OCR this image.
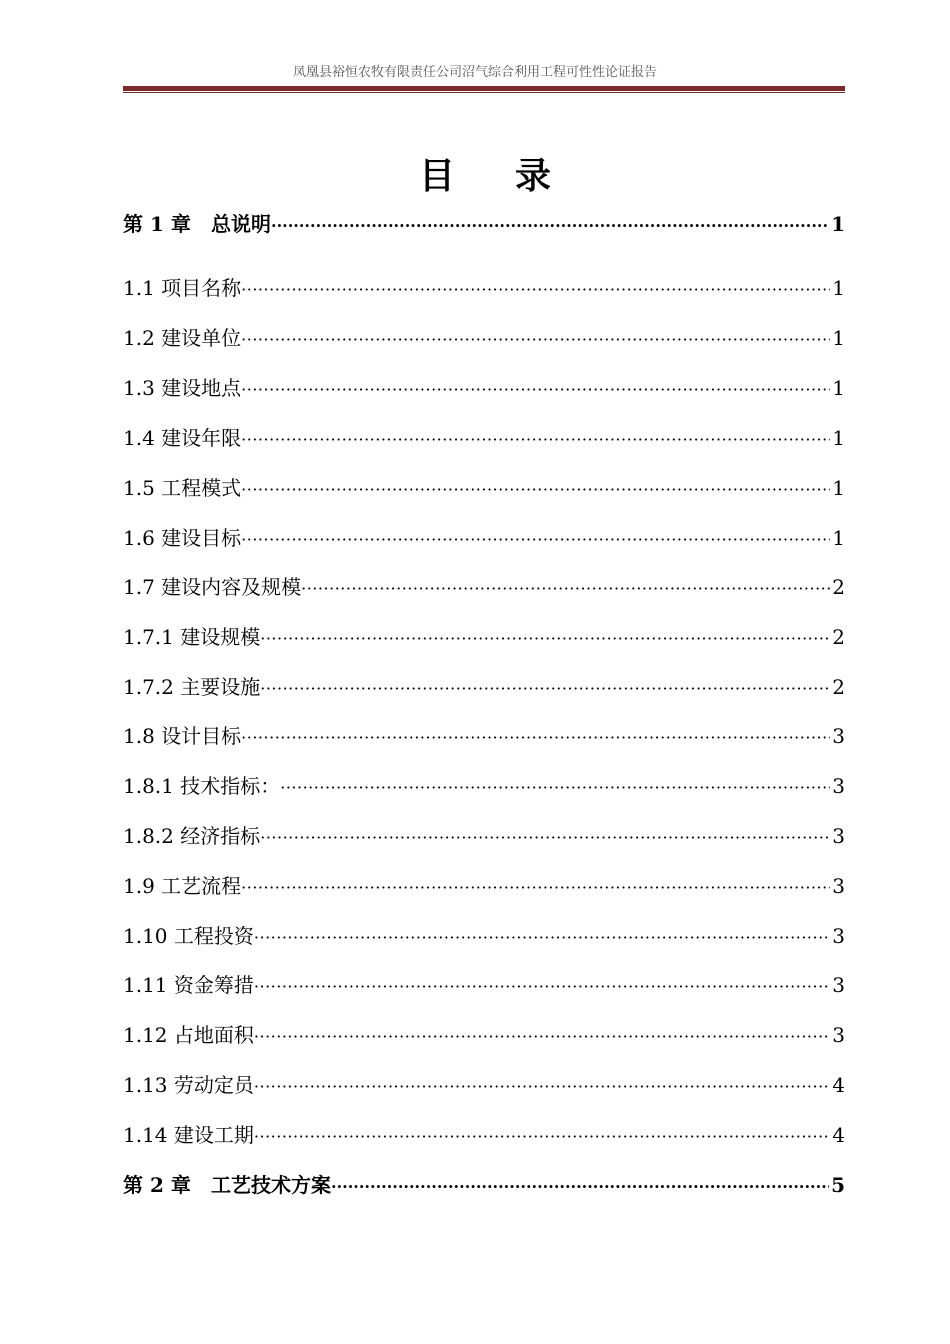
凤凰县裕恒农牧有限责任公司沼气综合利用工程可性性论证报告
目录
第 1 章 总说明 ·····	1
1.1 项目名称 ·····	1
1.2 建设单位 ·····	1
1.3 建设地点 ·····	1
1.4 建设年限 ·····	1
1.5 工程模式 ·····	1
1.6 建设目标 ·····	1
1.7 建设内容及规模 ·····	2
1.7.1 建设规模 ·····	2
1.7.2 主要设施 ·····	2
1.8 设计目标 ·····	3
1.8.1 技术指标： ·····	3
1.8.2 经济指标 ·····	3
1.9 工艺流程 ·····	3
1.10 工程投资 ·····	3
1.11 资金筹措 ·····	3
1.12 占地面积 ·····	3
1.13 劳动定员 ·····	4
1.14 建设工期 ·····	4
第 2 章 工艺技术方案 ·····	5
